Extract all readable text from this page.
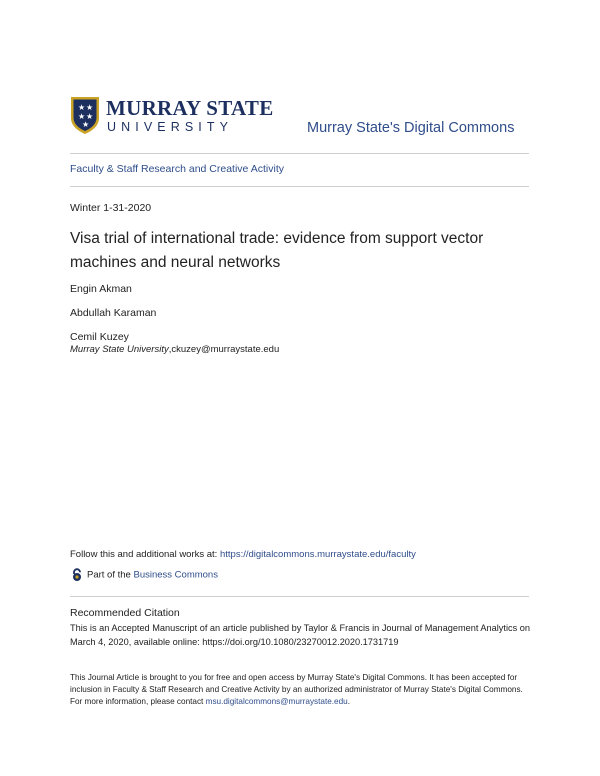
★ ★
★ ★
★
MURRAY STATE
UNIVERSITY	Murray State's Digital Commons
Faculty & Staff Research and Creative Activity
Winter 1-31-2020
Visa trial of international trade: evidence from support vector machines and neural networks
Engin Akman
Abdullah Karaman
Cemil Kuzey
Murray State University,ckuzey@murraystate.edu
Follow this and additional works at: https://digitalcommons.murraystate.edu/faculty
Part of the Business Commons
Recommended Citation
This is an Accepted Manuscript of an article published by Taylor & Francis in Journal of Management Analytics on March 4, 2020, available online: https://doi.org/10.1080/23270012.2020.1731719
This Journal Article is brought to you for free and open access by Murray State's Digital Commons. It has been accepted for inclusion in Faculty & Staff Research and Creative Activity by an authorized administrator of Murray State's Digital Commons. For more information, please contact msu.digitalcommons@murraystate.edu.
